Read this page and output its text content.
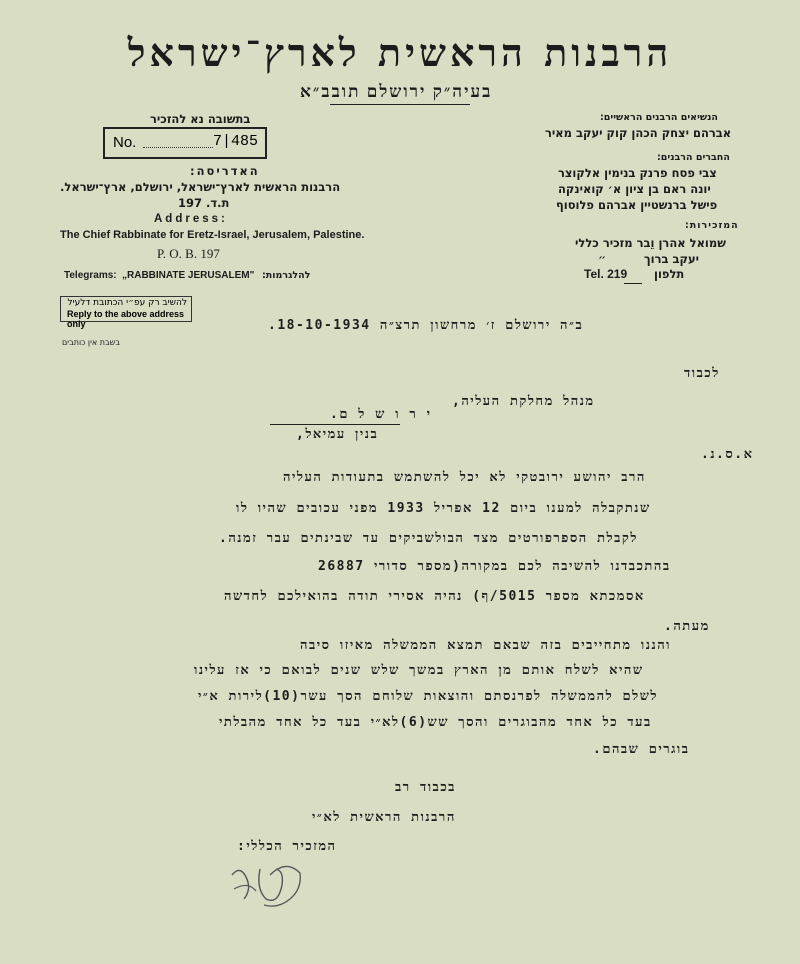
הרבנות הראשית לארץ־ישראל
בעיה״ק ירושלם תובב״א
בתשובה נא להזכיר
No.	7|485
האדריסה:
הרבנות הראשית לארץ־ישראל, ירושלם, ארץ־ישראל.
ת.ד. 197
Address:
The Chief Rabbinate for Eretz-Israel, Jerusalem, Palestine.
P. O. B. 197
Telegrams: „RABBINATE JERUSALEM" להלגרמות:
להשיב רק עפ״י הכתובת דלעיל
Reply to the above address only
בשבת אין כותבים
הנשיאים הרבנים הראשיים:
אברהם יצחק הכהן קוק יעקב מאיר
החברים הרבנים:
צבי פסח פרנק בנימין אלקוצר
יונה ראם בן ציון א׳ קואינקה
פישל ברנשטיין אברהם פלוסוף
המזכירות:
שמואל אהרן וֵבר מזכיר כללי
יעקב ברוך
״
Tel. 219 תלפון
ב״ה ירושלם ז׳ מרחשון תרצ״ה 18-10-1934.
לכבוד
מנהל מחלקת העליה,
י ר ו ש ל ם.
בנין עמיאל,
א.ס.נ.
הרב יהושע ירובטקי לא יכל להשתמש בתעודות העליה
שנתקבלה למענו ביום 12 אפריל 1933 מפני עכובים שהיו לו
לקבלת הספרפורטים מצד הבולשביקים עד שבינתים עבר זמנה.
בהתכבדנו להשיבה לכם במקורה(מספר סדורי 26887
אסמכתא מספר 5015/ף) נהיה אסירי תודה בהואילכם לחדשה
מעתה.
והננו מתחייבים בזה שבאם תמצא הממשלה מאיזו סיבה
שהיא לשלח אותם מן הארץ במשך שלש שנים לבואם כי אז עלינו
לשלם להממשלה לפרנסתם והוצאות שלוחם הסך עשר(10)לירות א״י
בעד כל אחד מהבוגרים והסך שש(6)לא״י בעד כל אחד מהבלתי
בוגרים שבהם.
בכבוד רב
הרבנות הראשית לא״י
המזכיר הכללי:
